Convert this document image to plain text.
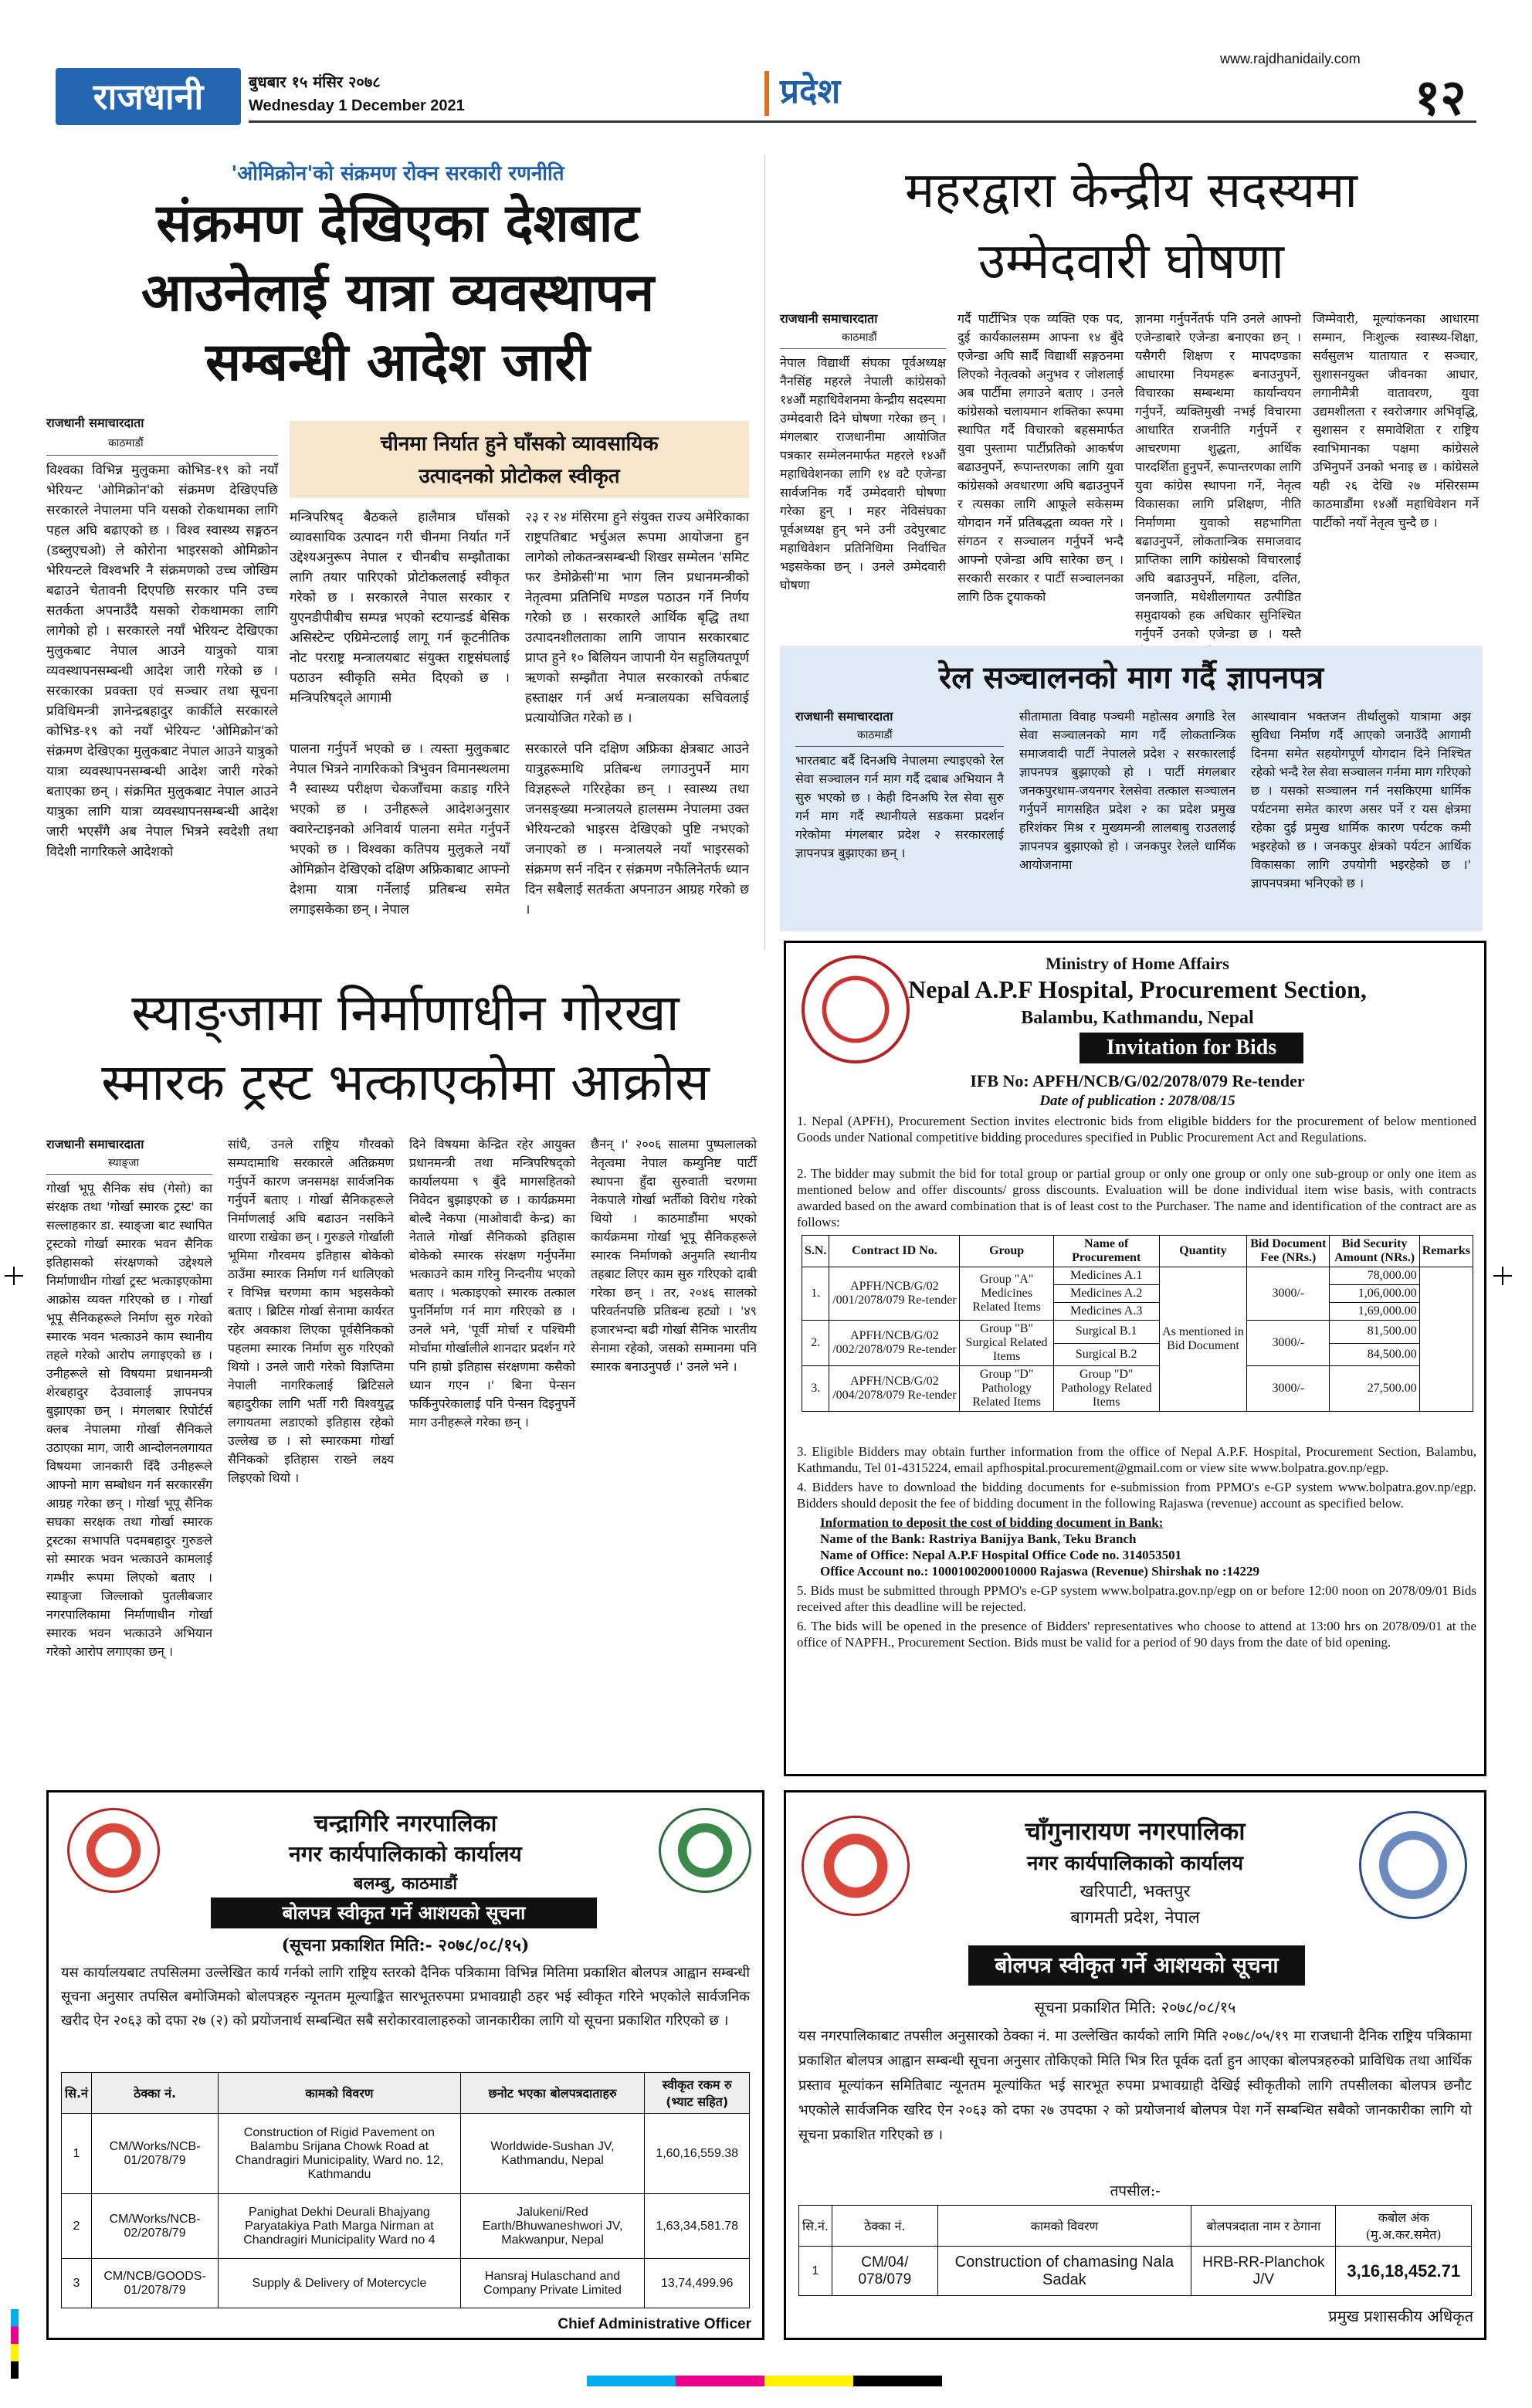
राजधानी	बुधबार १५ मंसिर २०७८
Wednesday 1 December 2021	प्रदेश
www.rajdhanidaily.com
१२
'ओमिक्रोन'को संक्रमण रोक्न सरकारी रणनीति
संक्रमण देखिएका देशबाट
आउनेलाई यात्रा व्यवस्थापन
सम्बन्धी आदेश जारी
राजधानी समाचारदाता
काठमाडौं

विश्वका विभिन्न मुलुकमा कोभिड-१९ को नयाँ भेरियन्ट 'ओमिक्रोन'को संक्रमण देखिएपछि सरकारले नेपालमा पनि यसको रोकथामका लागि पहल अघि बढाएको छ । विश्व स्वास्थ्य सङ्गठन (डब्लुएचओ) ले कोरोना भाइरसको ओमिक्रोन भेरियन्टले विश्वभरि नै संक्रमणको उच्च जोखिम बढाउने चेतावनी दिएपछि सरकार पनि उच्च सतर्कता अपनाउँदै यसको रोकथामका लागि लागेको हो । सरकारले नयाँ भेरियन्ट देखिएका मुलुकबाट नेपाल आउने यात्रुको यात्रा व्यवस्थापनसम्बन्धी आदेश जारी गरेको छ । सरकारका प्रवक्ता एवं सञ्चार तथा सूचना प्रविधिमन्त्री ज्ञानेन्द्रबहादुर कार्कीले सरकारले कोभिड-१९ को नयाँ भेरियन्ट 'ओमिक्रोन'को संक्रमण देखिएका मुलुकबाट नेपाल आउने यात्रुको यात्रा व्यवस्थापनसम्बन्धी आदेश जारी गरेको बताएका छन् । संक्रमित मुलुकबाट नेपाल आउने यात्रुका लागि यात्रा व्यवस्थापनसम्बन्धी आदेश जारी भएसँगै अब नेपाल भित्रने स्वदेशी तथा विदेशी नागरिकले आदेशको

चीनमा निर्यात हुने घाँसको व्यावसायिक
उत्पादनको प्रोटोकल स्वीकृत

मन्त्रिपरिषद् बैठकले हालैमात्र घाँसको व्यावसायिक उत्पादन गरी चीनमा निर्यात गर्ने उद्देश्यअनुरूप नेपाल र चीनबीच सम्झौताका लागि तयार पारिएको प्रोटोकललाई स्वीकृत गरेको छ । सरकारले नेपाल सरकार र युएनडीपीबीच सम्पन्न भएको स्टयान्डर्ड बेसिक असिस्टेन्ट एग्रिमेन्टलाई लागू गर्न कूटनीतिक नोट परराष्ट्र मन्त्रालयबाट संयुक्त राष्ट्रसंघलाई पठाउन स्वीकृति समेत दिएको छ । मन्त्रिपरिषद्ले आगामी

२३ र २४ मंसिरमा हुने संयुक्त राज्य अमेरिकाका राष्ट्रपतिबाट भर्चुअल रूपमा आयोजना हुन लागेको लोकतन्त्रसम्बन्धी शिखर सम्मेलन 'समिट फर डेमोक्रेसी'मा भाग लिन प्रधानमन्त्रीको नेतृत्वमा प्रतिनिधि मण्डल पठाउन गर्ने निर्णय गरेको छ । सरकारले आर्थिक बृद्धि तथा उत्पादनशीलताका लागि जापान सरकारबाट प्राप्त हुने १० बिलियन जापानी येन सहुलियतपूर्ण ऋणको सम्झौता नेपाल सरकारको तर्फबाट हस्ताक्षर गर्न अर्थ मन्त्रालयका सचिवलाई प्रत्यायोजित गरेको छ ।

पालना गर्नुपर्ने भएको छ । त्यस्ता मुलुकबाट नेपाल भित्रने नागरिकको त्रिभुवन विमानस्थलमा नै स्वास्थ्य परीक्षण चेकजाँचमा कडाइ गरिने भएको छ । उनीहरूले आदेशअनुसार क्वारेन्टाइनको अनिवार्य पालना समेत गर्नुपर्ने भएको छ । विश्वका कतिपय मुलुकले नयाँ ओमिक्रोन देखिएको दक्षिण अफ्रिकाबाट आफ्नो देशमा यात्रा गर्नेलाई प्रतिबन्ध समेत लगाइसकेका छन् । नेपाल

सरकारले पनि दक्षिण अफ्रिका क्षेत्रबाट आउने यात्रुहरूमाथि प्रतिबन्ध लगाउनुपर्ने माग विज्ञहरूले गरिरहेका छन् । स्वास्थ्य तथा जनसङ्ख्या मन्त्रालयले हालसम्म नेपालमा उक्त भेरियन्टको भाइरस देखिएको पुष्टि नभएको जनाएको छ । मन्त्रालयले नयाँ भाइरसको संक्रमण सर्न नदिन र संक्रमण नफैलिनेतर्फ ध्यान दिन सबैलाई सतर्कता अपनाउन आग्रह गरेको छ ।

महरद्वारा केन्द्रीय सदस्यमा
उम्मेदवारी घोषणा
राजधानी समाचारदाता
काठमाडौं

नेपाल विद्यार्थी संघका पूर्वअध्यक्ष नैनसिंह महरले नेपाली कांग्रेसको १४औं महाधिवेशनमा केन्द्रीय सदस्यमा उम्मेदवारी दिने घोषणा गरेका छन् । मंगलबार राजधानीमा आयोजित पत्रकार सम्मेलनमार्फत महरले १४औं महाधिवेशनका लागि १४ वटै एजेन्डा सार्वजनिक गर्दै उम्मेदवारी घोषणा गरेका हुन् । महर नेविसंघका पूर्वअध्यक्ष हुन् भने उनी उदेपुरबाट महाधिवेशन प्रतिनिधिमा निर्वाचित भइसकेका छन् । उनले उम्मेदवारी घोषणा

गर्दै पार्टीभित्र एक व्यक्ति एक पद, दुई कार्यकालसम्म आफ्ना १४ बुँदे एजेन्डा अघि सार्दै विद्यार्थी सङ्गठनमा लिएको नेतृत्वको अनुभव र जोशलाई अब पार्टीमा लगाउने बताए । उनले कांग्रेसको चलायमान शक्तिका रूपमा स्थापित गर्दै विचारको बहसमार्फत युवा पुस्तामा पार्टीप्रतिको आकर्षण बढाउनुपर्ने, रूपान्तरणका लागि युवा कांग्रेसको अवधारणा अघि बढाउनुपर्ने र त्यसका लागि आफूले सकेसम्म योगदान गर्ने प्रतिबद्धता व्यक्त गरे । संगठन र सञ्चालन गर्नुपर्ने भन्दै आफ्नो एजेन्डा अघि सारेका छन् । सरकारी सरकार र पार्टी सञ्चालनका लागि ठिक ट्र्याकको

ज्ञानमा गर्नुपर्नेतर्फ पनि उनले आफ्नो एजेन्डाबारे एजेन्डा बनाएका छन् । यसैगरी शिक्षण र मापदण्डका आधारमा नियमहरू बनाउनुपर्ने, विचारका सम्बन्धमा कार्यान्वयन गर्नुपर्ने, व्यक्तिमुखी नभई विचारमा आधारित राजनीति गर्नुपर्ने र आचरणमा शुद्धता, आर्थिक पारदर्शिता हुनुपर्ने, रूपान्तरणका लागि युवा कांग्रेस स्थापना गर्ने, नेतृत्व विकासका लागि प्रशिक्षण, नीति निर्माणमा युवाको सहभागिता बढाउनुपर्ने, लोकतान्त्रिक समाजवाद प्राप्तिका लागि कांग्रेसको विचारलाई अघि बढाउनुपर्ने, महिला, दलित, जनजाति, मधेशीलगायत उत्पीडित समुदायको हक अधिकार सुनिश्चित गर्नुपर्ने उनको एजेन्डा छ । यस्तै

जिम्मेवारी, मूल्यांकनका आधारमा सम्मान, निःशुल्क स्वास्थ्य-शिक्षा, सर्वसुलभ यातायात र सञ्चार, सुशासनयुक्त जीवनका आधार, लगानीमैत्री वातावरण, युवा उद्यमशीलता र स्वरोजगार अभिवृद्धि, सुशासन र समावेशिता र राष्ट्रिय स्वाभिमानका पक्षमा कांग्रेसले उभिनुपर्ने उनको भनाइ छ । कांग्रेसले यही २६ देखि २७ मंसिरसम्म काठमाडौंमा १४औं महाधिवेशन गर्ने पार्टीको नयाँ नेतृत्व चुन्दै छ ।

रेल सञ्चालनको माग गर्दै ज्ञापनपत्र
राजधानी समाचारदाता
काठमाडौं

भारतबाट बर्दै दिनअघि नेपालमा ल्याइएको रेल सेवा सञ्चालन गर्न माग गर्दै दबाब अभियान नै सुरु भएको छ । केही दिनअघि रेल सेवा सुरु गर्न माग गर्दै स्थानीयले सडकमा प्रदर्शन गरेकोमा मंगलबार प्रदेश २ सरकारलाई ज्ञापनपत्र बुझाएका छन् ।

सीतामाता विवाह पञ्चमी महोत्सव अगाडि रेल सेवा सञ्चालनको माग गर्दै लोकतान्त्रिक समाजवादी पार्टी नेपालले प्रदेश २ सरकारलाई ज्ञापनपत्र बुझाएको हो । पार्टी मंगलबार जनकपुरधाम-जयनगर रेलसेवा तत्काल सञ्चालन गर्नुपर्ने मागसहित प्रदेश २ का प्रदेश प्रमुख हरिशंकर मिश्र र मुख्यमन्त्री लालबाबु राउतलाई ज्ञापनपत्र बुझाएको हो । जनकपुर रेलले धार्मिक आयोजनामा

आस्थावान भक्तजन तीर्थालुको यात्रामा अझ सुविधा निर्माण गर्दै आएको जनाउँदै आगामी दिनमा समेत सहयोगपूर्ण योगदान दिने निश्चित रहेको भन्दै रेल सेवा सञ्चालन गर्नमा माग गरिएको छ । यसको सञ्चालन गर्न नसकिएमा धार्मिक पर्यटनमा समेत कारण असर पर्ने र यस क्षेत्रमा रहेका दुई प्रमुख धार्मिक कारण पर्यटक कमी भइरहेको छ । जनकपुर क्षेत्रको पर्यटन आर्थिक विकासका लागि उपयोगी भइरहेको छ ।' ज्ञापनपत्रमा भनिएको छ ।

स्याङ्जामा निर्माणाधीन गोरखा
स्मारक ट्रस्ट भत्काएकोमा आक्रोस
राजधानी समाचारदाता
स्याङ्जा

गोर्खा भूपू सैनिक संघ (गेसो) का संरक्षक तथा 'गोर्खा स्मारक ट्रस्ट' का सल्लाहकार डा. स्याङ्जा बाट स्थापित ट्रस्टको गोर्खा स्मारक भवन सैनिक इतिहासको संरक्षणको उद्देश्यले निर्माणाधीन गोर्खा ट्रस्ट भत्काइएकोमा आक्रोस व्यक्त गरिएको छ । गोर्खा भूपू सैनिकहरूले निर्माण सुरु गरेको स्मारक भवन भत्काउने काम स्थानीय तहले गरेको आरोप लगाइएको छ । उनीहरूले सो विषयमा प्रधानमन्त्री शेरबहादुर देउवालाई ज्ञापनपत्र बुझाएका छन् । मंगलबार रिपोर्टर्स क्लब नेपालमा गोर्खा सैनिकले उठाएका माग, जारी आन्दोलनलगायत विषयमा जानकारी दिँदै उनीहरूले आफ्नो माग सम्बोधन गर्न सरकारसँग आग्रह गरेका छन् । गोर्खा भूपू सैनिक सघका सरक्षक तथा गोर्खा स्मारक ट्रस्टका सभापति पदमबहादुर गुरुङले सो स्मारक भवन भत्काउने कामलाई गम्भीर रूपमा लिएको बताए । स्याङ्जा जिल्लाको पुतलीबजार नगरपालिकामा निर्माणाधीन गोर्खा स्मारक भवन भत्काउने अभियान गरेको आरोप लगाएका छन् ।

सांधै, उनले राष्ट्रिय गौरवको सम्पदामाथि सरकारले अतिक्रमण गर्नुपर्ने कारण जनसमक्ष सार्वजनिक गर्नुपर्ने बताए । गोर्खा सैनिकहरूले निर्माणलाई अघि बढाउन नसकिने धारणा राखेका छन् । गुरुङले गोर्खाली भूमिमा गौरवमय इतिहास बोकेको ठाउँमा स्मारक निर्माण गर्न थालिएको र विभिन्न चरणमा काम भइसकेको बताए । ब्रिटिस गोर्खा सेनामा कार्यरत रहेर अवकाश लिएका पूर्वसैनिकको पहलमा स्मारक निर्माण सुरु गरिएको थियो । उनले जारी गरेको विज्ञप्तिमा नेपाली नागरिकलाई ब्रिटिसले बहादुरीका लागि भर्ती गरी विश्वयुद्ध लगायतमा लडाएको इतिहास रहेको उल्लेख छ । सो स्मारकमा गोर्खा सैनिकको इतिहास राख्ने लक्ष्य लिइएको थियो ।

दिने विषयमा केन्द्रित रहेर आयुक्त प्रधानमन्त्री तथा मन्त्रिपरिषद्को कार्यालयमा ९ बुँदे मागसहितको निवेदन बुझाइएको छ । कार्यक्रममा बोल्दै नेकपा (माओवादी केन्द्र) का नेताले गोर्खा सैनिकको इतिहास बोकेको स्मारक संरक्षण गर्नुपर्नेमा भत्काउने काम गरिनु निन्दनीय भएको बताए । भत्काइएको स्मारक तत्काल पुनर्निर्माण गर्न माग गरिएको छ । उनले भने, 'पूर्वी मोर्चा र पश्चिमी मोर्चामा गोर्खालीले शानदार प्रदर्शन गरे पनि हाम्रो इतिहास संरक्षणमा कसैको ध्यान गएन ।' बिना पेन्सन फर्किनुपरेकालाई पनि पेन्सन दिइनुपर्ने माग उनीहरूले गरेका छन् ।

छैनन् ।' २००६ सालमा पुष्पलालको नेतृत्वमा नेपाल कम्युनिष्ट पार्टी स्थापना हुँदा सुरुवाती चरणमा नेकपाले गोर्खा भर्तीको विरोध गरेको थियो । काठमाडौंमा भएको कार्यक्रममा गोर्खा भूपू सैनिकहरूले स्मारक निर्माणको अनुमति स्थानीय तहबाट लिएर काम सुरु गरिएको दाबी गरेका छन् । तर, २०४६ सालको परिवर्तनपछि प्रतिबन्ध हट्यो । '४९ हजारभन्दा बढी गोर्खा सैनिक भारतीय सेनामा रहेको, जसको सम्मानमा पनि स्मारक बनाउनुपर्छ ।' उनले भने ।

Ministry of Home Affairs
Nepal A.P.F Hospital, Procurement Section,
Balambu, Kathmandu, Nepal
Invitation for Bids
IFB No: APFH/NCB/G/02/2078/079 Re-tender
Date of publication : 2078/08/15
1. Nepal (APFH), Procurement Section invites electronic bids from eligible bidders for the procurement of below mentioned Goods under National competitive bidding procedures specified in Public Procurement Act and Regulations.
2. The bidder may submit the bid for total group or partial group or only one group or only one sub-group or only one item as mentioned below and offer discounts/ gross discounts. Evaluation will be done individual item wise basis, with contracts awarded based on the award combination that is of least cost to the Purchaser. The name and identification of the contract are as follows:
S.N.	Contract ID No.	Group	Name of Procurement	Quantity	Bid Document Fee (NRs.)	Bid Security Amount (NRs.)	Remarks
1.	APFH/NCB/G/02 /001/2078/079 Re-tender	Group "A" Medicines Related Items	Medicines A.1	As mentioned in Bid Document	3000/-	78,000.00	
			Medicines A.2			1,06,000.00	
			Medicines A.3			1,69,000.00	
2.	APFH/NCB/G/02 /002/2078/079 Re-tender	Group "B" Surgical Related Items	Surgical B.1		3000/-	81,500.00	
			Surgical B.2			84,500.00	
3.	APFH/NCB/G/02 /004/2078/079 Re-tender	Group "D" Pathology Related Items	Group "D" Pathology Related Items		3000/-	27,500.00	
3. Eligible Bidders may obtain further information from the office of Nepal A.P.F. Hospital, Procurement Section, Balambu, Kathmandu, Tel 01-4315224, email apfhospital.procurement@gmail.com or view site www.bolpatra.gov.np/egp.
4. Bidders have to download the bidding documents for e-submission from PPMO's e-GP system www.bolpatra.gov.np/egp. Bidders should deposit the fee of bidding document in the following Rajaswa (revenue) account as specified below.
Information to deposit the cost of bidding document in Bank:
Name of the Bank: Rastriya Banijya Bank, Teku Branch
Name of Office: Nepal A.P.F Hospital Office Code no. 314053501
Office Account no.: 1000100200010000 Rajaswa (Revenue) Shirshak no :14229
5. Bids must be submitted through PPMO's e-GP system www.bolpatra.gov.np/egp on or before 12:00 noon on 2078/09/01 Bids received after this deadline will be rejected.
6. The bids will be opened in the presence of Bidders' representatives who choose to attend at 13:00 hrs on 2078/09/01 at the office of NAPFH., Procurement Section. Bids must be valid for a period of 90 days from the date of bid opening.
चन्द्रागिरि नगरपालिका
नगर कार्यपालिकाको कार्यालय
बलम्बु, काठमाडौं
बोलपत्र स्वीकृत गर्ने आशयको सूचना
(सूचना प्रकाशित मिति:- २०७८/०८/१५)
यस कार्यालयबाट तपसिलमा उल्लेखित कार्य गर्नको लागि राष्ट्रिय स्तरको दैनिक पत्रिकामा विभिन्न मितिमा प्रकाशित बोलपत्र आह्वान सम्बन्धी सूचना अनुसार तपसिल बमोजिमको बोलपत्रहरु न्यूनतम मूल्याङ्कित सारभूतरुपमा प्रभावग्राही ठहर भई स्वीकृत गरिने भएकोले सार्वजनिक खरीद ऐन २०६३ को दफा २७ (२) को प्रयोजनार्थ सम्बन्धित सबै सरोकारवालाहरुको जानकारीका लागि यो सूचना प्रकाशित गरिएको छ ।
सि.नं	ठेक्का नं.	कामको विवरण	छनोट भएका बोलपत्रदाताहरु	स्वीकृत रकम रु (भ्याट सहित)
1	CM/Works/NCB-01/2078/79	Construction of Rigid Pavement on Balambu Srijana Chowk Road at Chandragiri Municipality, Ward no. 12, Kathmandu	Worldwide-Sushan JV, Kathmandu, Nepal	1,60,16,559.38
2	CM/Works/NCB-02/2078/79	Panighat Dekhi Deurali Bhajyang Paryatakiya Path Marga Nirman at Chandragiri Municipality Ward no 4	Jalukeni/Red Earth/Bhuwaneshwori JV, Makwanpur, Nepal	1,63,34,581.78
3	CM/NCB/GOODS-01/2078/79	Supply & Delivery of Motercycle	Hansraj Hulaschand and Company Private Limited	13,74,499.96
Chief Administrative Officer
चाँगुनारायण नगरपालिका
नगर कार्यपालिकाको कार्यालय
खरिपाटी, भक्तपुर
बागमती प्रदेश, नेपाल
बोलपत्र स्वीकृत गर्ने आशयको सूचना
सूचना प्रकाशित मिति: २०७८/०८/१५
यस नगरपालिकाबाट तपसील अनुसारको ठेक्का नं. मा उल्लेखित कार्यको लागि मिति २०७८/०५/१९ मा राजधानी दैनिक राष्ट्रिय पत्रिकामा प्रकाशित बोलपत्र आह्वान सम्बन्धी सूचना अनुसार तोकिएको मिति भित्र रित पूर्वक दर्ता हुन आएका बोलपत्रहरुको प्राविधिक तथा आर्थिक प्रस्ताव मूल्यांकन समितिबाट न्यूनतम मूल्यांकित भई सारभूत रुपमा प्रभावग्राही देखिई स्वीकृतीको लागि तपसीलका बोलपत्र छनौट भएकोले सार्वजनिक खरिद ऐन २०६३ को दफा २७ उपदफा २ को प्रयोजनार्थ बोलपत्र पेश गर्ने सम्बन्धित सबैको जानकारीका लागि यो सूचना प्रकाशित गरिएको छ ।
तपसील:-
सि.नं.	ठेक्का नं.	कामको विवरण	बोलपत्रदाता नाम र ठेगाना	कबोल अंक (मु.अ.कर.समेत)
1	CM/04/ 078/079	Construction of chamasing Nala Sadak	HRB-RR-Planchok J/V	3,16,18,452.71
प्रमुख प्रशासकीय अधिकृत
